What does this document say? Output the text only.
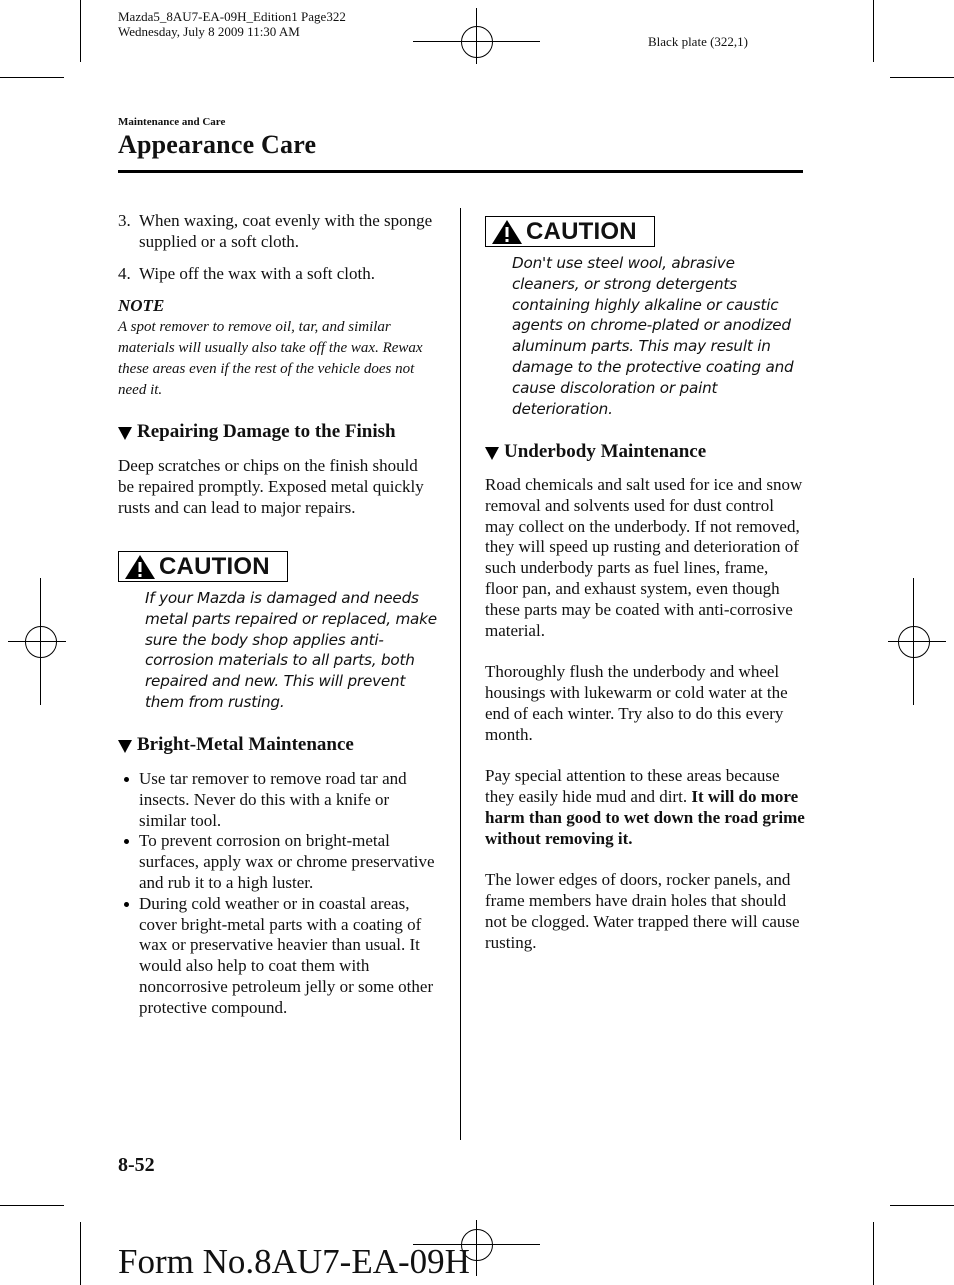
Mazda5_8AU7-EA-09H_Edition1 Page322
Wednesday, July 8 2009 11:30 AM
Black plate (322,1)
Maintenance and Care
Appearance Care
3. When waxing, coat evenly with the sponge supplied or a soft cloth.
4. Wipe off the wax with a soft cloth.
NOTE
A spot remover to remove oil, tar, and similar materials will usually also take off the wax. Rewax these areas even if the rest of the vehicle does not need it.
Repairing Damage to the Finish
Deep scratches or chips on the finish should be repaired promptly. Exposed metal quickly rusts and can lead to major repairs.
CAUTION
If your Mazda is damaged and needs metal parts repaired or replaced, make sure the body shop applies anti-corrosion materials to all parts, both repaired and new. This will prevent them from rusting.
Bright-Metal Maintenance
Use tar remover to remove road tar and insects. Never do this with a knife or similar tool.
To prevent corrosion on bright-metal surfaces, apply wax or chrome preservative and rub it to a high luster.
During cold weather or in coastal areas, cover bright-metal parts with a coating of wax or preservative heavier than usual. It would also help to coat them with noncorrosive petroleum jelly or some other protective compound.
CAUTION
Don't use steel wool, abrasive cleaners, or strong detergents containing highly alkaline or caustic agents on chrome-plated or anodized aluminum parts. This may result in damage to the protective coating and cause discoloration or paint deterioration.
Underbody Maintenance
Road chemicals and salt used for ice and snow removal and solvents used for dust control may collect on the underbody. If not removed, they will speed up rusting and deterioration of such underbody parts as fuel lines, frame, floor pan, and exhaust system, even though these parts may be coated with anti-corrosive material.
Thoroughly flush the underbody and wheel housings with lukewarm or cold water at the end of each winter. Try also to do this every month.
Pay special attention to these areas because they easily hide mud and dirt. It will do more harm than good to wet down the road grime without removing it.
The lower edges of doors, rocker panels, and frame members have drain holes that should not be clogged. Water trapped there will cause rusting.
8-52
Form No.8AU7-EA-09H
